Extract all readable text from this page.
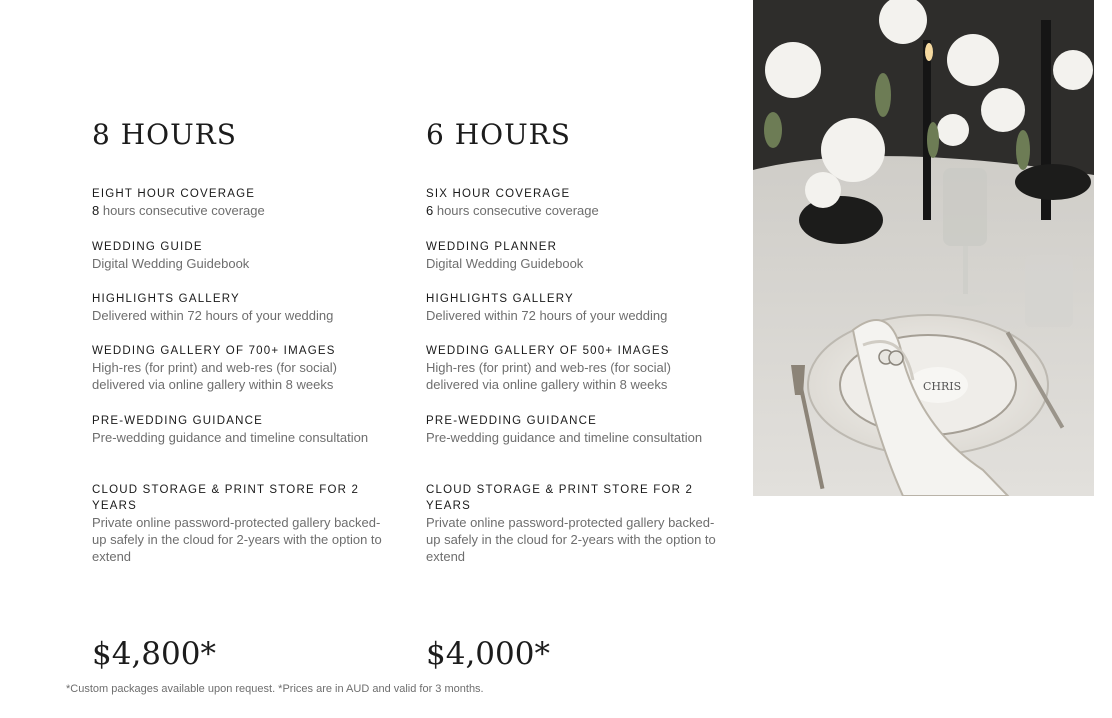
8 HOURS
EIGHT HOUR COVERAGE
8 hours consecutive coverage
WEDDING GUIDE
Digital Wedding Guidebook
HIGHLIGHTS GALLERY
Delivered within 72 hours of your wedding
WEDDING GALLERY OF 700+ IMAGES
High-res (for print) and web-res (for social) delivered via online gallery within 8 weeks
PRE-WEDDING GUIDANCE
Pre-wedding guidance and timeline consultation
CLOUD STORAGE & PRINT STORE FOR 2 YEARS
Private online password-protected gallery backed-up safely in the cloud for 2-years with the option to extend
$4,800*
6 HOURS
SIX HOUR COVERAGE
6 hours consecutive coverage
WEDDING PLANNER
Digital Wedding Guidebook
HIGHLIGHTS GALLERY
Delivered within 72 hours of your wedding
WEDDING GALLERY OF 500+ IMAGES
High-res (for print) and web-res (for social) delivered via online gallery within 8 weeks
PRE-WEDDING GUIDANCE
Pre-wedding guidance and timeline consultation
CLOUD STORAGE & PRINT STORE FOR 2 YEARS
Private online password-protected gallery backed-up safely in the cloud for 2-years with the option to extend
$4,000*
*Custom packages available upon request. *Prices are in AUD and valid for 3 months.
CHRIS
